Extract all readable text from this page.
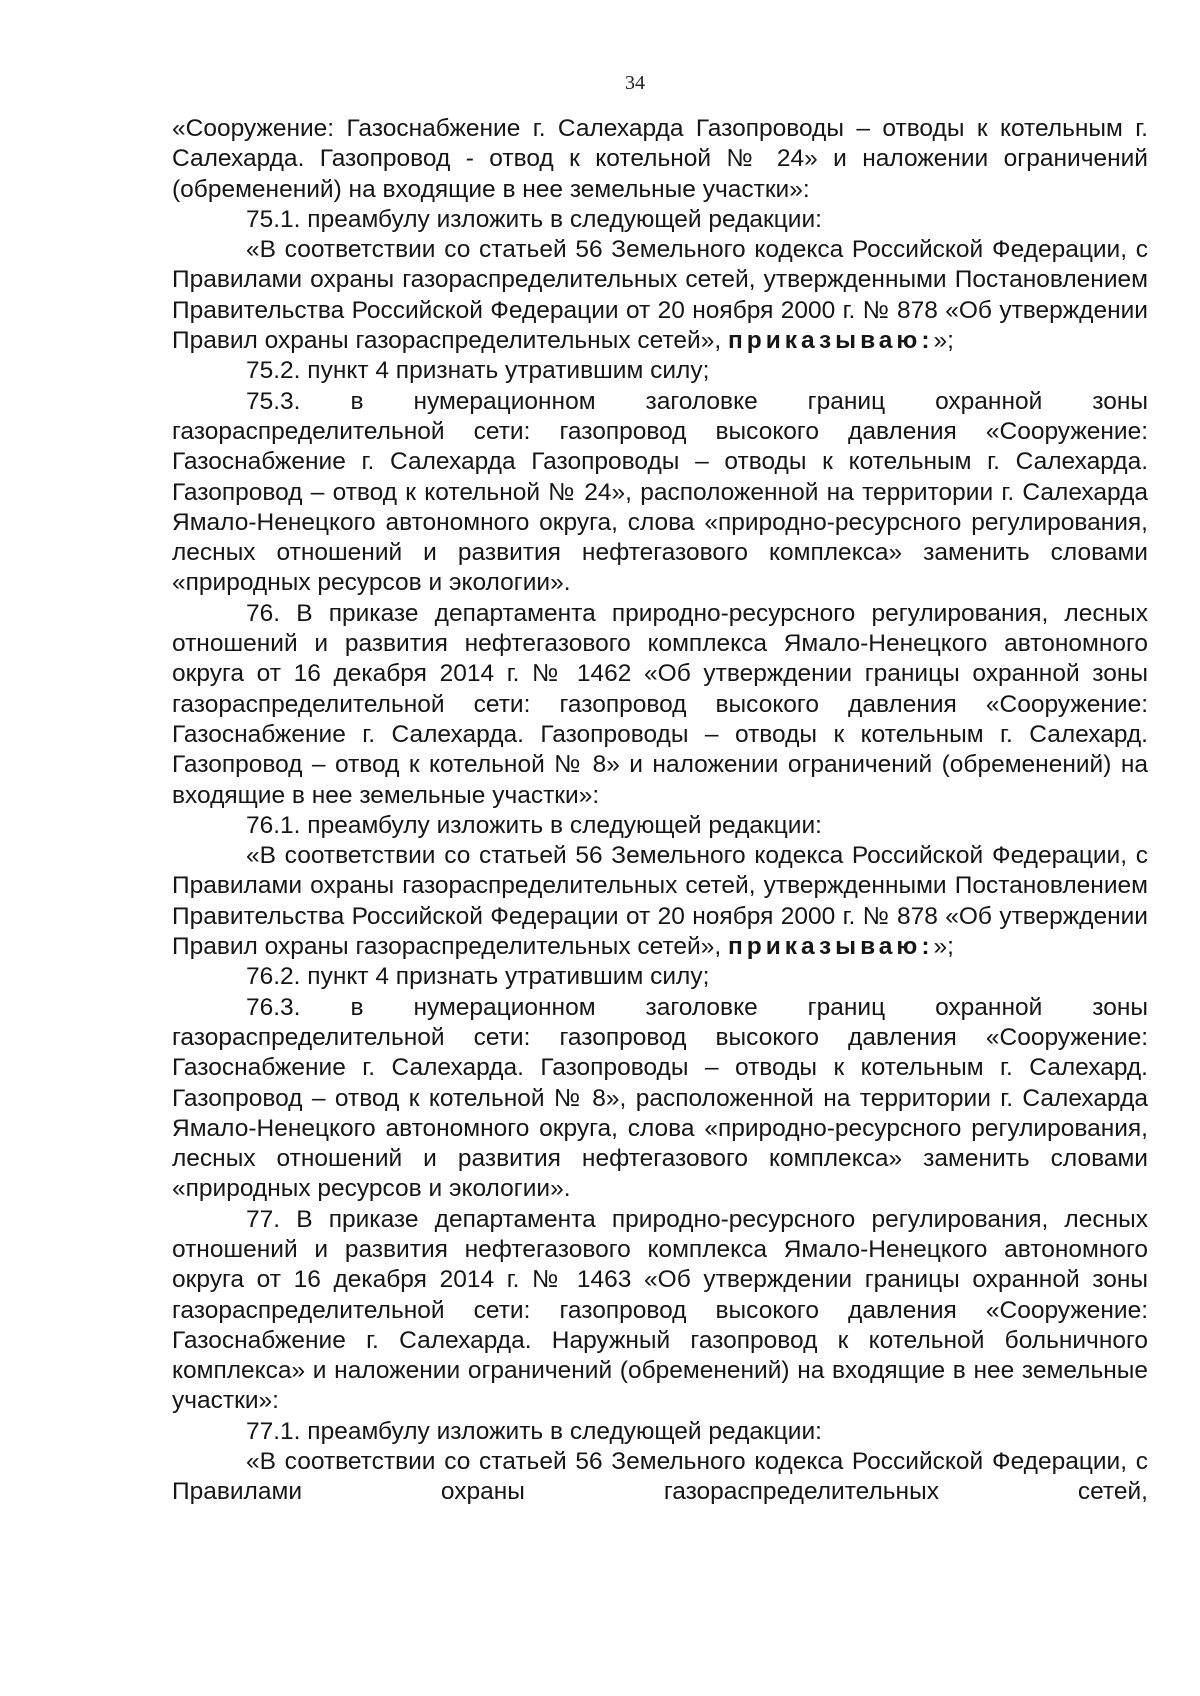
34

«Сооружение: Газоснабжение г. Салехарда Газопроводы – отводы к котельным г. Салехарда. Газопровод - отвод к котельной № 24» и наложении ограничений (обременений) на входящие в нее земельные участки»:

75.1. преамбулу изложить в следующей редакции:

«В соответствии со статьей 56 Земельного кодекса Российской Федерации, с Правилами охраны газораспределительных сетей, утвержденными Постановлением Правительства Российской Федерации от 20 ноября 2000 г. № 878 «Об утверждении Правил охраны газораспределительных сетей», приказываю:»;

75.2. пункт 4 признать утратившим силу;

75.3. в нумерационном заголовке границ охранной зоны газораспределительной сети: газопровод высокого давления «Сооружение: Газоснабжение г. Салехарда Газопроводы – отводы к котельным г. Салехарда. Газопровод – отвод к котельной № 24», расположенной на территории г. Салехарда Ямало-Ненецкого автономного округа, слова «природно-ресурсного регулирования, лесных отношений и развития нефтегазового комплекса» заменить словами «природных ресурсов и экологии».

76. В приказе департамента природно-ресурсного регулирования, лесных отношений и развития нефтегазового комплекса Ямало-Ненецкого автономного округа от 16 декабря 2014 г. № 1462 «Об утверждении границы охранной зоны газораспределительной сети: газопровод высокого давления «Сооружение: Газоснабжение г. Салехарда. Газопроводы – отводы к котельным г. Салехард. Газопровод – отвод к котельной № 8» и наложении ограничений (обременений) на входящие в нее земельные участки»:

76.1. преамбулу изложить в следующей редакции:

«В соответствии со статьей 56 Земельного кодекса Российской Федерации, с Правилами охраны газораспределительных сетей, утвержденными Постановлением Правительства Российской Федерации от 20 ноября 2000 г. № 878 «Об утверждении Правил охраны газораспределительных сетей», приказываю:»;

76.2. пункт 4 признать утратившим силу;

76.3. в нумерационном заголовке границ охранной зоны газораспределительной сети: газопровод высокого давления «Сооружение: Газоснабжение г. Салехарда. Газопроводы – отводы к котельным г. Салехард. Газопровод – отвод к котельной № 8», расположенной на территории г. Салехарда Ямало-Ненецкого автономного округа, слова «природно-ресурсного регулирования, лесных отношений и развития нефтегазового комплекса» заменить словами «природных ресурсов и экологии».

77. В приказе департамента природно-ресурсного регулирования, лесных отношений и развития нефтегазового комплекса Ямало-Ненецкого автономного округа от 16 декабря 2014 г. № 1463 «Об утверждении границы охранной зоны газораспределительной сети: газопровод высокого давления «Сооружение: Газоснабжение г. Салехарда. Наружный газопровод к котельной больничного комплекса» и наложении ограничений (обременений) на входящие в нее земельные участки»:

77.1. преамбулу изложить в следующей редакции:

«В соответствии со статьей 56 Земельного кодекса Российской Федерации, с Правилами охраны газораспределительных сетей,
